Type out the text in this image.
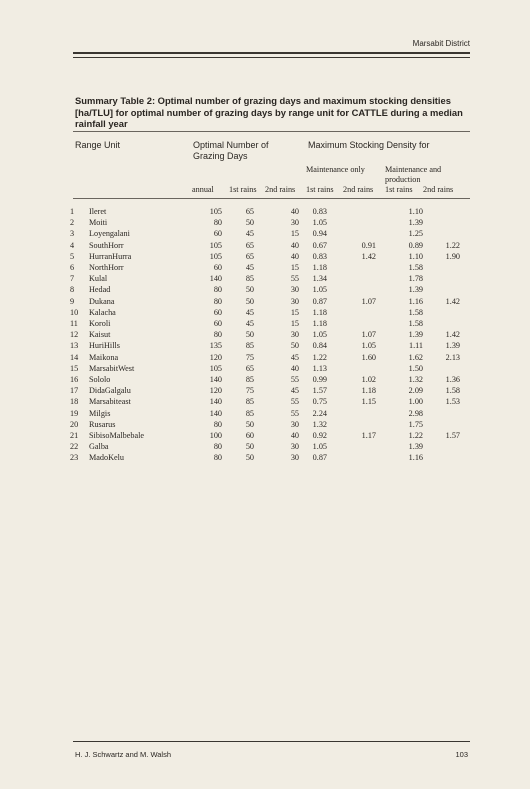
Marsabit District
Summary Table 2: Optimal number of grazing days and maximum stocking densities [ha/TLU] for optimal number of grazing days by range unit for CATTLE during a median rainfall year
Range Unit	Optimal Number of Grazing Days
Maximum Stocking Density for
Maintenance only Maintenance and production
annual 1st rains 2nd rains 1st rains 2nd rains 1st rains 2nd rains
1	Ileret	105	65	40	0.83		1.10	
2	Moiti	80	50	30	1.05		1.39	
3	Loyengalani	60	45	15	0.94		1.25	
4	SouthHorr	105	65	40	0.67	0.91	0.89	1.22
5	HurranHurra	105	65	40	0.83	1.42	1.10	1.90
6	NorthHorr	60	45	15	1.18		1.58	
7	Kulal	140	85	55	1.34		1.78	
8	Hedad	80	50	30	1.05		1.39	
9	Dukana	80	50	30	0.87	1.07	1.16	1.42
10	Kalacha	60	45	15	1.18		1.58	
11	Koroli	60	45	15	1.18		1.58	
12	Kaisut	80	50	30	1.05	1.07	1.39	1.42
13	HuriHills	135	85	50	0.84	1.05	1.11	1.39
14	Maikona	120	75	45	1.22	1.60	1.62	2.13
15	MarsabitWest	105	65	40	1.13		1.50	
16	Sololo	140	85	55	0.99	1.02	1.32	1.36
17	DidaGalgalu	120	75	45	1.57	1.18	2.09	1.58
18	Marsabiteast	140	85	55	0.75	1.15	1.00	1.53
19	Milgis	140	85	55	2.24		2.98	
20	Rusarus	80	50	30	1.32		1.75	
21	SibisoMalbebale	100	60	40	0.92	1.17	1.22	1.57
22	Galba	80	50	30	1.05		1.39	
23	MadoKelu	80	50	30	0.87		1.16	
H. J. Schwartz and M. Walsh	103
